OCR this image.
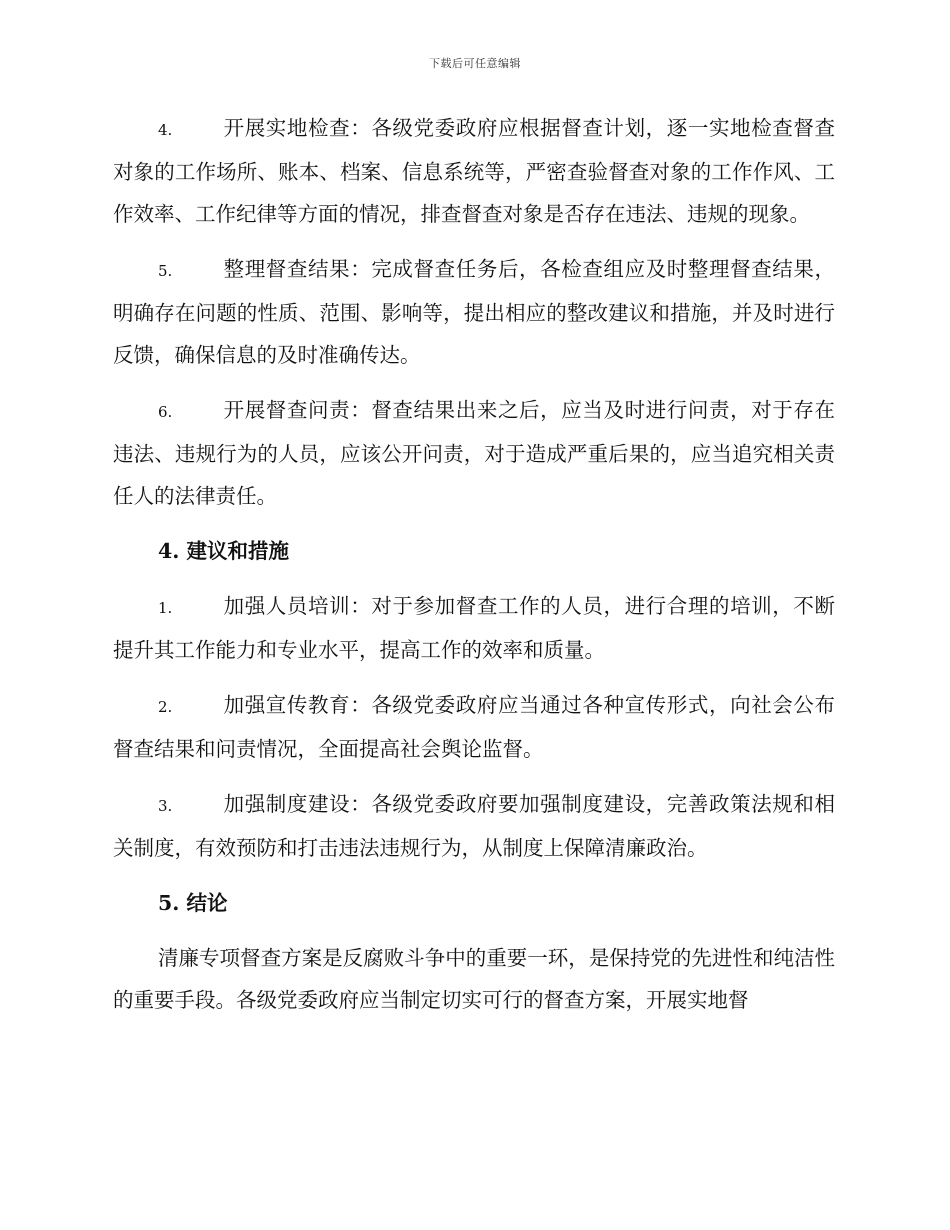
下载后可任意编辑

4. 开展实地检查：各级党委政府应根据督查计划，逐一实地检查督查对象的工作场所、账本、档案、信息系统等，严密查验督查对象的工作作风、工作效率、工作纪律等方面的情况，排查督查对象是否存在违法、违规的现象。

5. 整理督查结果：完成督查任务后，各检查组应及时整理督查结果，明确存在问题的性质、范围、影响等，提出相应的整改建议和措施，并及时进行反馈，确保信息的及时准确传达。

6. 开展督查问责：督查结果出来之后，应当及时进行问责，对于存在违法、违规行为的人员，应该公开问责，对于造成严重后果的，应当追究相关责任人的法律责任。

4. 建议和措施

1. 加强人员培训：对于参加督查工作的人员，进行合理的培训，不断提升其工作能力和专业水平，提高工作的效率和质量。

2. 加强宣传教育：各级党委政府应当通过各种宣传形式，向社会公布督查结果和问责情况，全面提高社会舆论监督。

3. 加强制度建设：各级党委政府要加强制度建设，完善政策法规和相关制度，有效预防和打击违法违规行为，从制度上保障清廉政治。

5. 结论

清廉专项督查方案是反腐败斗争中的重要一环，是保持党的先进性和纯洁性的重要手段。各级党委政府应当制定切实可行的督查方案，开展实地督
